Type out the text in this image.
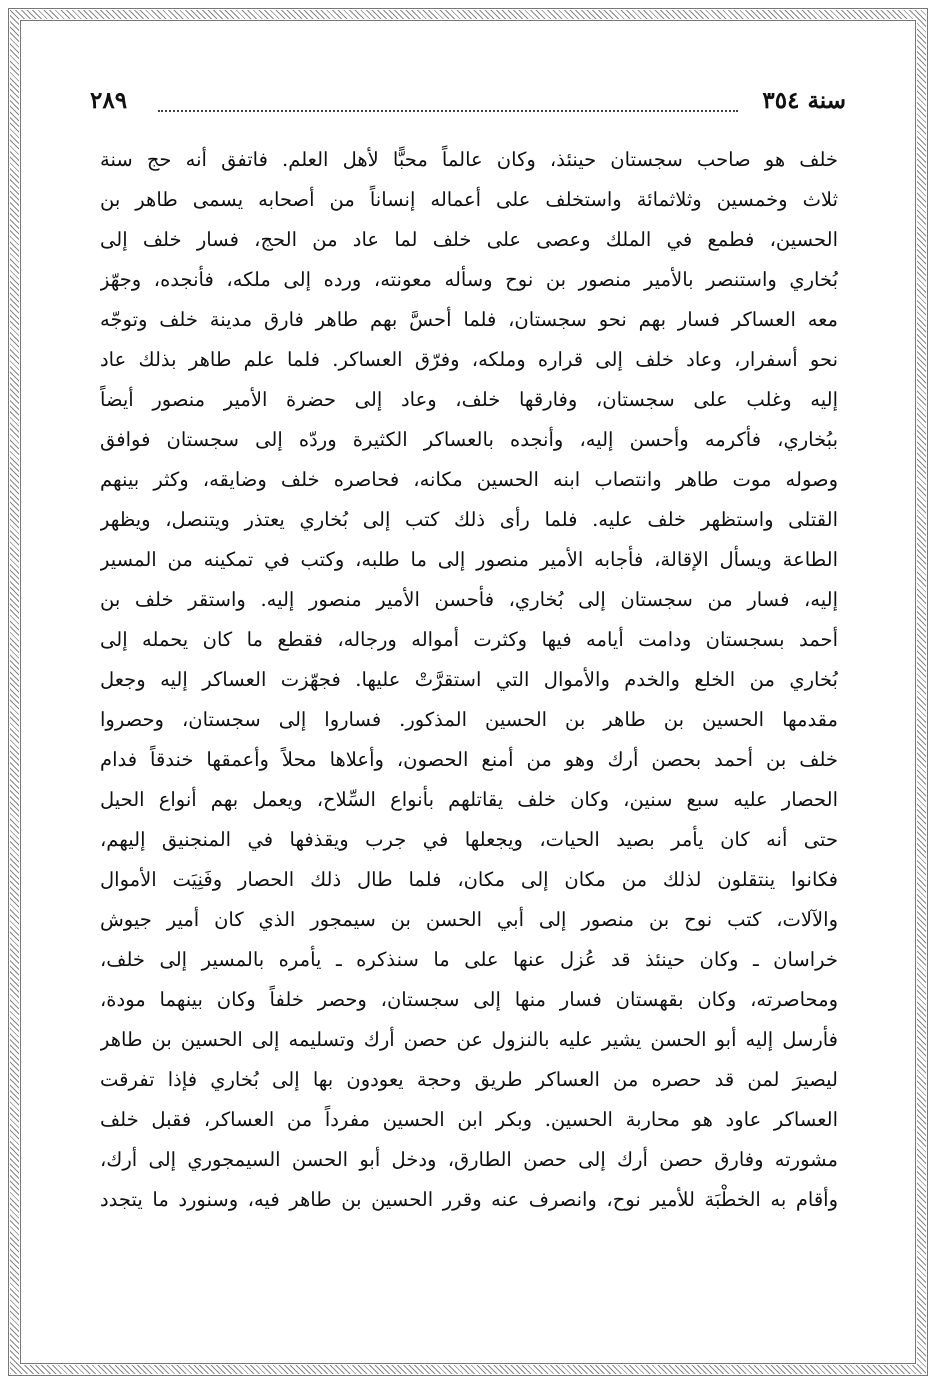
سنة ٣٥٤
٢٨٩
خلف هو صاحب سجستان حينئذ، وكان عالماً محبًّا لأهل العلم. فاتفق أنه حج سنة
ثلاث وخمسين وثلاثمائة واستخلف على أعماله إنساناً من أصحابه يسمى طاهر بن
الحسين، فطمع في الملك وعصى على خلف لما عاد من الحج، فسار خلف إلى
بُخاري واستنصر بالأمير منصور بن نوح وسأله معونته، ورده إلى ملكه، فأنجده، وجهّز
معه العساكر فسار بهم نحو سجستان، فلما أحسَّ بهم طاهر فارق مدينة خلف وتوجّه
نحو أسفرار، وعاد خلف إلى قراره وملكه، وفرّق العساكر. فلما علم طاهر بذلك عاد
إليه وغلب على سجستان، وفارقها خلف، وعاد إلى حضرة الأمير منصور أيضاً
ببُخاري، فأكرمه وأحسن إليه، وأنجده بالعساكر الكثيرة وردّه إلى سجستان فوافق
وصوله موت طاهر وانتصاب ابنه الحسين مكانه، فحاصره خلف وضايقه، وكثر بينهم
القتلى واستظهر خلف عليه. فلما رأى ذلك كتب إلى بُخاري يعتذر ويتنصل، ويظهر
الطاعة ويسأل الإقالة، فأجابه الأمير منصور إلى ما طلبه، وكتب في تمكينه من المسير
إليه، فسار من سجستان إلى بُخاري، فأحسن الأمير منصور إليه. واستقر خلف بن
أحمد بسجستان ودامت أيامه فيها وكثرت أمواله ورجاله، فقطع ما كان يحمله إلى
بُخاري من الخلع والخدم والأموال التي استقرَّتْ عليها. فجهّزت العساكر إليه وجعل
مقدمها الحسين بن طاهر بن الحسين المذكور. فساروا إلى سجستان، وحصروا
خلف بن أحمد بحصن أرك وهو من أمنع الحصون، وأعلاها محلاً وأعمقها خندقاً فدام
الحصار عليه سبع سنين، وكان خلف يقاتلهم بأنواع السِّلاح، ويعمل بهم أنواع الحيل
حتى أنه كان يأمر بصيد الحيات، ويجعلها في جرب ويقذفها في المنجنيق إليهم،
فكانوا ينتقلون لذلك من مكان إلى مكان، فلما طال ذلك الحصار وفَنِيَت الأموال
والآلات، كتب نوح بن منصور إلى أبي الحسن بن سيمجور الذي كان أمير جيوش
خراسان ـ وكان حينئذ قد عُزل عنها على ما سنذكره ـ يأمره بالمسير إلى خلف،
ومحاصرته، وكان بقهستان فسار منها إلى سجستان، وحصر خلفاً وكان بينهما مودة،
فأرسل إليه أبو الحسن يشير عليه بالنزول عن حصن أرك وتسليمه إلى الحسين بن طاهر
ليصيرَ لمن قد حصره من العساكر طريق وحجة يعودون بها إلى بُخاري فإذا تفرقت
العساكر عاود هو محاربة الحسين. وبكر ابن الحسين مفرداً من العساكر، فقبل خلف
مشورته وفارق حصن أرك إلى حصن الطارق، ودخل أبو الحسن السيمجوري إلى أرك،
وأقام به الخطْبَة للأمير نوح، وانصرف عنه وقرر الحسين بن طاهر فيه، وسنورد ما يتجدد
